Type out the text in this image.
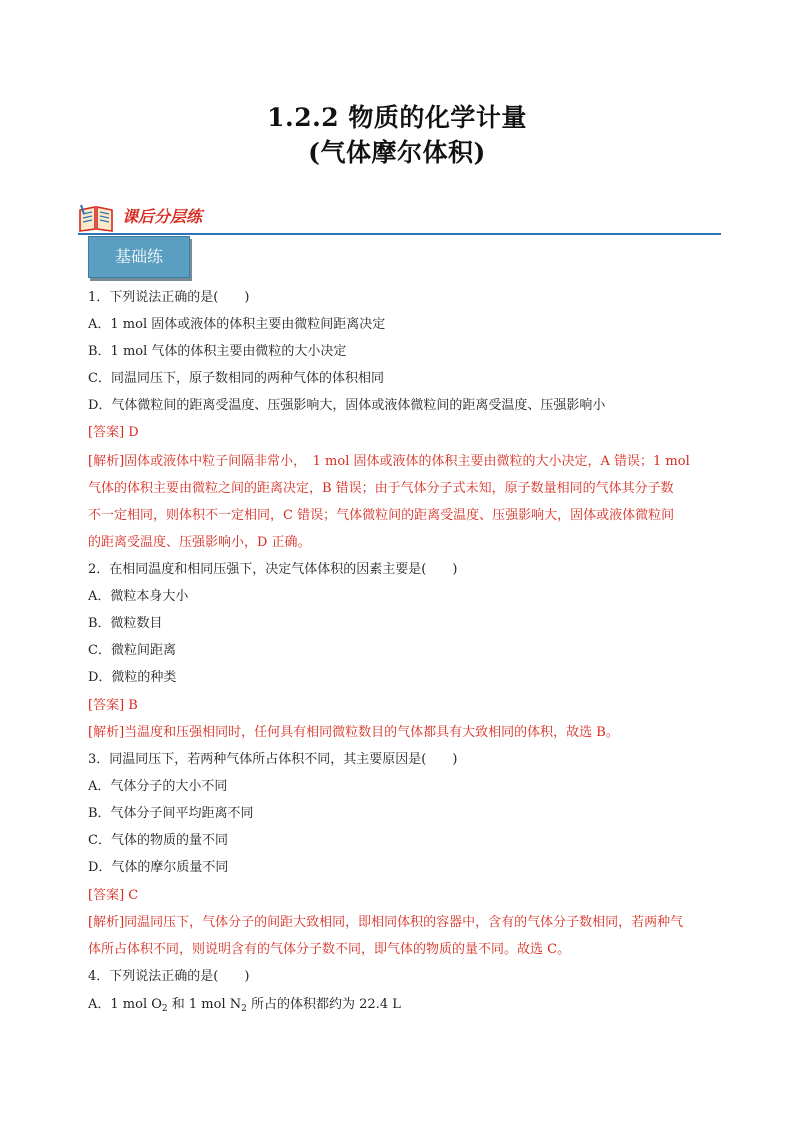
1.2.2 物质的化学计量
(气体摩尔体积)
课后分层练
基础练
1．下列说法正确的是(　　)
A．1 mol 固体或液体的体积主要由微粒间距离决定
B．1 mol 气体的体积主要由微粒的大小决定
C．同温同压下，原子数相同的两种气体的体积相同
D．气体微粒间的距离受温度、压强影响大，固体或液体微粒间的距离受温度、压强影响小
[答案] D
[解析]固体或液体中粒子间隔非常小，　1 mol 固体或液体的体积主要由微粒的大小决定，A 错误；1 mol
气体的体积主要由微粒之间的距离决定，B 错误；由于气体分子式未知，原子数量相同的气体其分子数
不一定相同，则体积不一定相同，C 错误；气体微粒间的距离受温度、压强影响大，固体或液体微粒间
的距离受温度、压强影响小，D 正确。
2．在相同温度和相同压强下，决定气体体积的因素主要是(　　)
A．微粒本身大小
B．微粒数目
C．微粒间距离
D．微粒的种类
[答案] B
[解析]当温度和压强相同时，任何具有相同微粒数目的气体都具有大致相同的体积，故选 B。
3．同温同压下，若两种气体所占体积不同，其主要原因是(　　)
A．气体分子的大小不同
B．气体分子间平均距离不同
C．气体的物质的量不同
D．气体的摩尔质量不同
[答案] C
[解析]同温同压下，气体分子的间距大致相同，即相同体积的容器中，含有的气体分子数相同，若两种气
体所占体积不同，则说明含有的气体分子数不同，即气体的物质的量不同。故选 C。
4．下列说法正确的是(　　)
A．1 mol $O_2$ 和 1 mol $N_2$ 所占的体积都约为 22.4 L
